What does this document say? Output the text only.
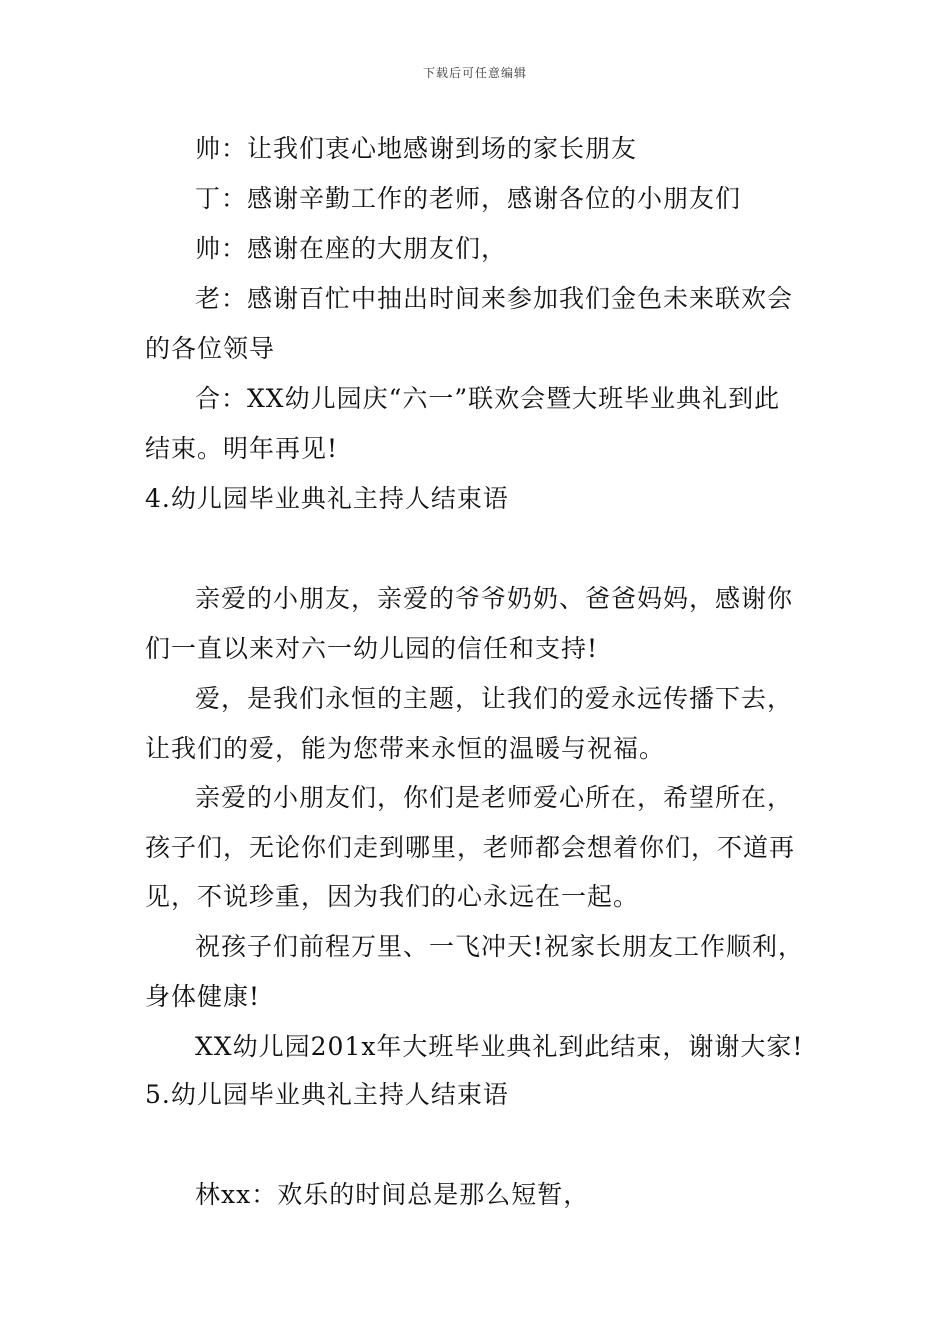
下载后可任意编辑
帅：让我们衷心地感谢到场的家长朋友
丁：感谢辛勤工作的老师，感谢各位的小朋友们
帅：感谢在座的大朋友们，
老：感谢百忙中抽出时间来参加我们金色未来联欢会
的各位领导
合：XX幼儿园庆“六一”联欢会暨大班毕业典礼到此
结束。明年再见!
4.幼儿园毕业典礼主持人结束语
亲爱的小朋友，亲爱的爷爷奶奶、爸爸妈妈，感谢你
们一直以来对六一幼儿园的信任和支持!
爱，是我们永恒的主题，让我们的爱永远传播下去，
让我们的爱，能为您带来永恒的温暖与祝福。
亲爱的小朋友们，你们是老师爱心所在，希望所在，
孩子们，无论你们走到哪里，老师都会想着你们，不道再
见，不说珍重，因为我们的心永远在一起。
祝孩子们前程万里、一飞冲天!祝家长朋友工作顺利，
身体健康!
XX幼儿园201x年大班毕业典礼到此结束，谢谢大家!
5.幼儿园毕业典礼主持人结束语
林xx：欢乐的时间总是那么短暂，
